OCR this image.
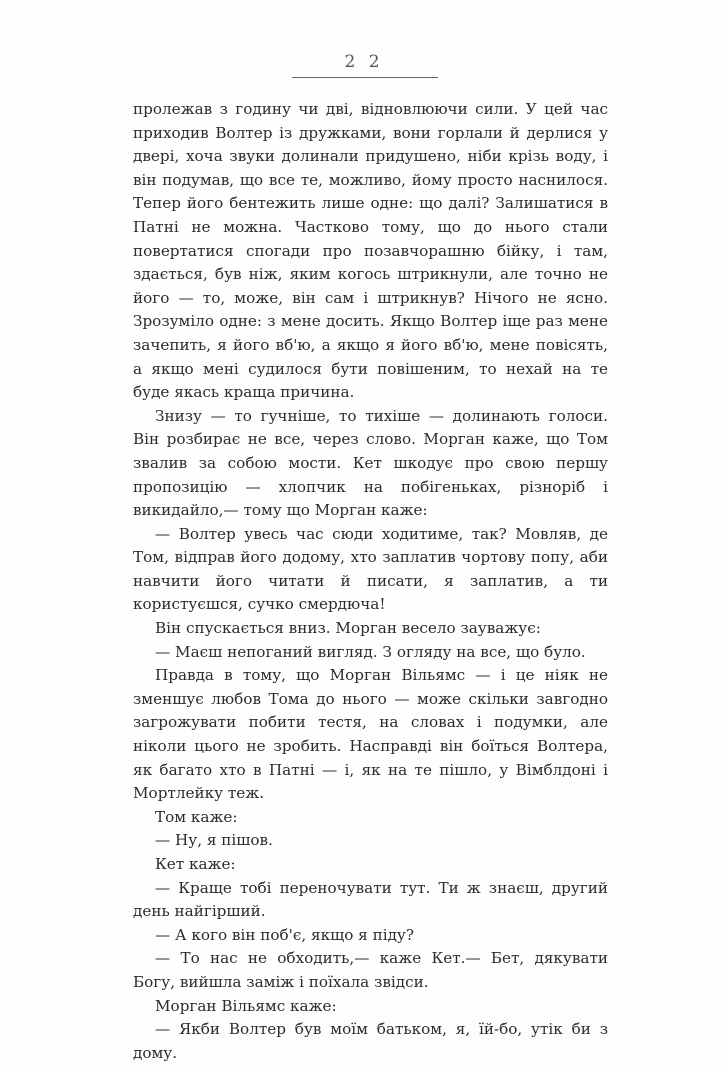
2 2

пролежав з годину чи дві, відновлюючи сили. У цей час приходив Волтер із дружками, вони горлали й дерлися у двері, хоча звуки долинали придушено, ніби крізь воду, і він подумав, що все те, можливо, йому просто наснилося. Тепер його бентежить лише одне: що далі? Залишатися в Патні не можна. Частково тому, що до нього стали повертатися спогади про позавчорашню бійку, і там, здається, був ніж, яким когось штрикнули, але точно не його — то, може, він сам і штрикнув? Нічого не ясно. Зрозуміло одне: з мене досить. Якщо Волтер іще раз мене зачепить, я його вб'ю, а якщо я його вб'ю, мене повісять, а якщо мені судилося бути повішеним, то нехай на те буде якась краща причина.

Знизу — то гучніше, то тихіше — долинають голоси. Він розбирає не все, через слово. Морган каже, що Том звалив за собою мости. Кет шкодує про свою першу пропозицію — хлопчик на побігеньках, різноріб і викидайло,— тому що Морган каже:

— Волтер увесь час сюди ходитиме, так? Мовляв, де Том, відправ його додому, хто заплатив чортову попу, аби навчити його читати й писати, я заплатив, а ти користуєшся, сучко смердюча!

Він спускається вниз. Морган весело зауважує:

— Маєш непоганий вигляд. З огляду на все, що було.

Правда в тому, що Морган Вільямс — і це ніяк не зменшує любов Тома до нього — може скільки завгодно загрожувати побити тестя, на словах і подумки, але ніколи цього не зробить. Насправді він боїться Волтера, як багато хто в Патні — і, як на те пішло, у Вімблдоні і Мортлейку теж.

Том каже:

— Ну, я пішов.

Кет каже:

— Краще тобі переночувати тут. Ти ж знаєш, другий день найгірший.

— А кого він поб'є, якщо я піду?

— То нас не обходить,— каже Кет.— Бет, дякувати Богу, вийшла заміж і поїхала звідси.

Морган Вільямс каже:

— Якби Волтер був моїм батьком, я, їй-бо, утік би з дому.
